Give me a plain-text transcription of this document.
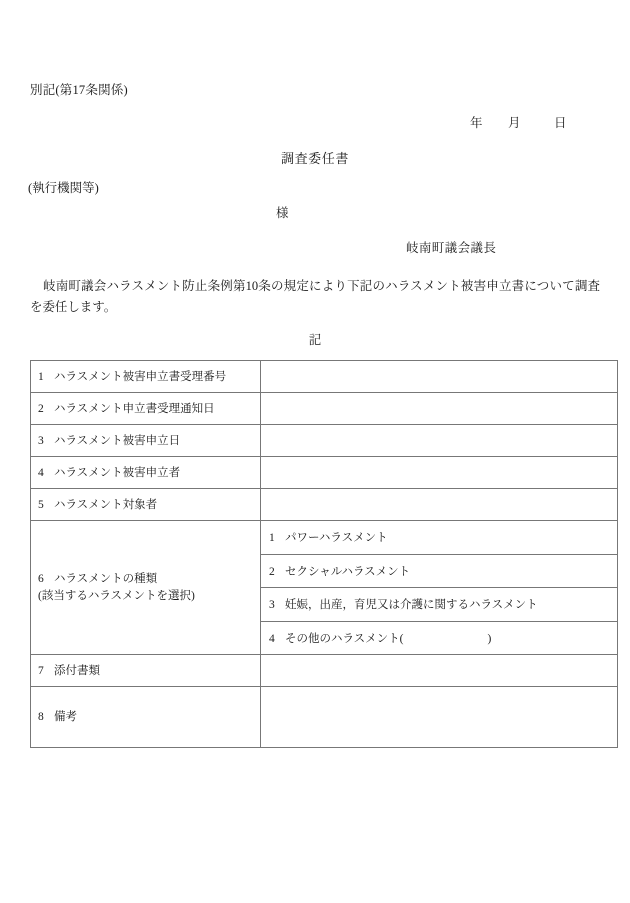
別記(第17条関係)
年 月	日
調査委任書
(執行機関等)
様
岐南町議会議長
岐南町議会ハラスメント防止条例第10条の規定により下記のハラスメント被害申立書について調査を委任します。
記
1 ハラスメント被害申立書受理番号	
2 ハラスメント申立書受理通知日	
3 ハラスメント被害申立日	
4 ハラスメント被害申立者	
5 ハラスメント対象者	

6 ハラスメントの種類
(該当するハラスメントを選択)

1 パワーハラスメント
2 セクシャルハラスメント
3 妊娠，出産，育児又は介護に関するハラスメント
4 その他のハラスメント(	)

7 添付書類	
8 備考	
